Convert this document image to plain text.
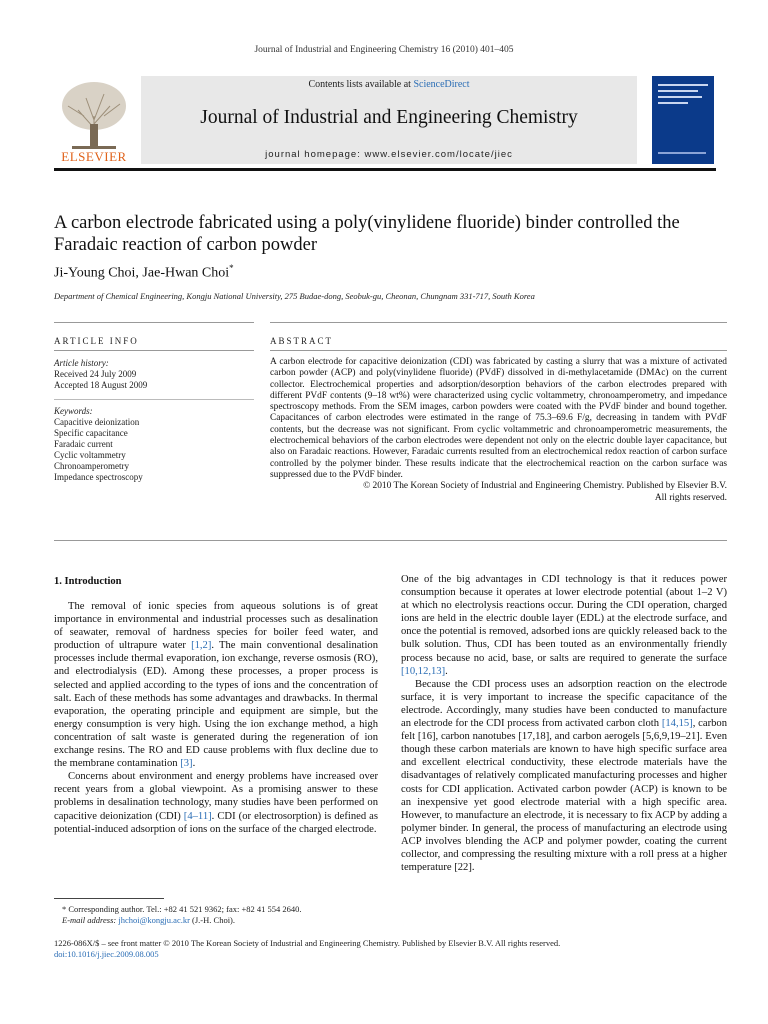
Journal of Industrial and Engineering Chemistry 16 (2010) 401–405
ELSEVIER
Contents lists available at ScienceDirect
Journal of Industrial and Engineering Chemistry
journal homepage: www.elsevier.com/locate/jiec
A carbon electrode fabricated using a poly(vinylidene fluoride) binder controlled the Faradaic reaction of carbon powder
Ji-Young Choi, Jae-Hwan Choi*
Department of Chemical Engineering, Kongju National University, 275 Budae-dong, Seobuk-gu, Cheonan, Chungnam 331-717, South Korea
ARTICLE INFO	ABSTRACT
Article history:
Received 24 July 2009
Accepted 18 August 2009
Keywords:
Capacitive deionization
Specific capacitance
Faradaic current
Cyclic voltammetry
Chronoamperometry
Impedance spectroscopy

A carbon electrode for capacitive deionization (CDI) was fabricated by casting a slurry that was a mixture of activated carbon powder (ACP) and poly(vinylidene fluoride) (PVdF) dissolved in di-methylacetamide (DMAc) on the current collector. Electrochemical properties and adsorption/desorption behaviors of the carbon electrodes prepared with different PVdF contents (9–18 wt%) were characterized using cyclic voltammetry, chronoamperometry, and impedance spectroscopy methods. From the SEM images, carbon powders were coated with the PVdF binder and bound together. Capacitances of carbon electrodes were estimated in the range of 75.3–69.6 F/g, decreasing in tandem with PVdF contents, but the decrease was not significant. From cyclic voltammetric and chronoamperometric measurements, the electrochemical behaviors of the carbon electrodes were dependent not only on the electric double layer capacitance, but also on Faradaic reactions. However, Faradaic currents resulted from an electrochemical redox reaction of carbon surface controlled by the polymer binder. These results indicate that the electrochemical reaction on the carbon surface was suppressed due to the PVdF binder.

© 2010 The Korean Society of Industrial and Engineering Chemistry. Published by Elsevier B.V.

All rights reserved.

1. Introduction

The removal of ionic species from aqueous solutions is of great importance in environmental and industrial processes such as desalination of seawater, removal of hardness species for boiler feed water, and production of ultrapure water [1,2]. The main conventional desalination processes include thermal evaporation, ion exchange, reverse osmosis (RO), and electrodialysis (ED). Among these processes, a proper process is selected and applied according to the types of ions and the concentration of salt. Each of these methods has some advantages and drawbacks. In thermal evaporation, the operating principle and equipment are simple, but the energy consumption is very high. Using the ion exchange method, a high concentration of salt waste is generated during the regeneration of ion exchange resins. The RO and ED cause problems with flux decline due to the membrane contamination [3].

Concerns about environment and energy problems have increased over recent years from a global viewpoint. As a promising answer to these problems in desalination technology, many studies have been performed on capacitive deionization (CDI) [4–11]. CDI (or electrosorption) is defined as potential-induced adsorption of ions on the surface of the charged electrode.

One of the big advantages in CDI technology is that it reduces power consumption because it operates at lower electrode potential (about 1–2 V) at which no electrolysis reactions occur. During the CDI operation, charged ions are held in the electric double layer (EDL) at the electrode surface, and once the potential is removed, adsorbed ions are quickly released back to the bulk solution. Thus, CDI has been touted as an environmentally friendly process because no acid, base, or salts are required to generate the surface [10,12,13].

Because the CDI process uses an adsorption reaction on the electrode surface, it is very important to increase the specific capacitance of the electrode. Accordingly, many studies have been conducted to manufacture an electrode for the CDI process from activated carbon cloth [14,15], carbon felt [16], carbon nanotubes [17,18], and carbon aerogels [5,6,9,19–21]. Even though these carbon materials are known to have high specific surface area and excellent electrical conductivity, these electrode materials have the disadvantages of relatively complicated manufacturing processes and higher costs for CDI application. Activated carbon powder (ACP) is known to be an inexpensive yet good electrode material with a high specific area. However, to manufacture an electrode, it is necessary to fix ACP by adding a polymer binder. In general, the process of manufacturing an electrode using ACP involves blending the ACP and polymer powder, coating the current collector, and compressing the resulting mixture with a roll press at a higher temperature [22].

* Corresponding author. Tel.: +82 41 521 9362; fax: +82 41 554 2640.
E-mail address: jhchoi@kongju.ac.kr (J.-H. Choi).
1226-086X/$ – see front matter © 2010 The Korean Society of Industrial and Engineering Chemistry. Published by Elsevier B.V. All rights reserved.
doi:10.1016/j.jiec.2009.08.005
